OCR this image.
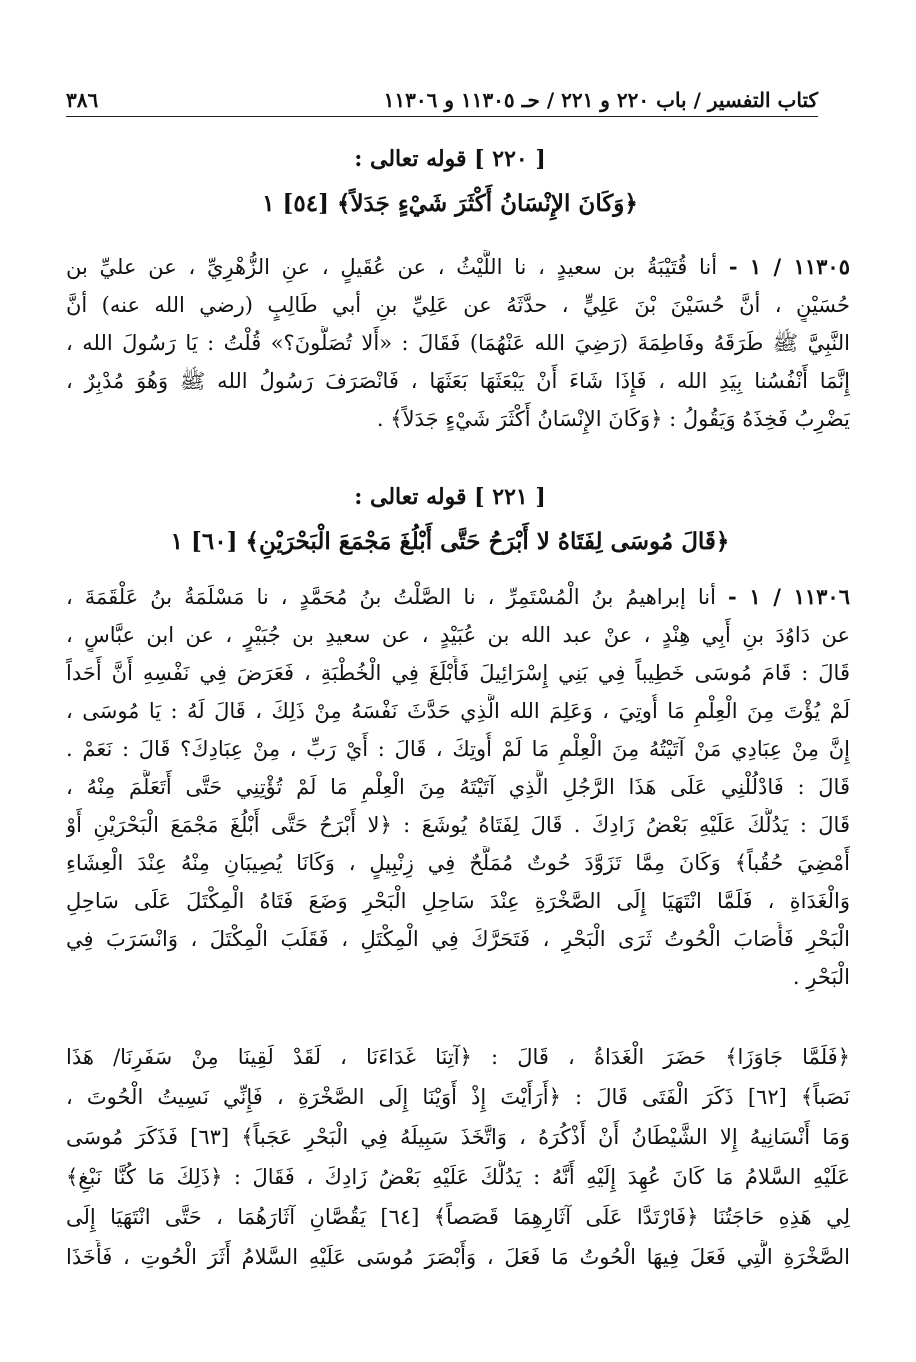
كتاب التفسير / باب ٢٢٠ و ٢٢١ / حـ ١١٣٠٥ و ١١٣٠٦
٣٨٦
[ ٢٢٠ ] قوله تعالى :
﴿وَكَانَ الإِنْسَانُ أَكْثَرَ شَيْءٍ جَدَلاً﴾ [٥٤] ١
١١٣٠٥ / ١ - أنا قُتَيْبَةُ بن سعيدٍ ، نا اللَّيْثُ ، عن عُقَيلٍ ، عنِ الزُّهْرِيِّ ، عن عليِّ بن
حُسَيْنٍ ، أنَّ حُسَيْنَ بْنَ عَلِيٍّ ، حدَّثَهُ عن عَلِيِّ بنِ أبي طَالِبٍ (رضي الله عنه) أنَّ
النَّبِيَّ ﷺ طَرَقَهُ وفَاطِمَةَ (رَضِيَ الله عَنْهُمَا) فَقَالَ : «أَلا تُصَلُّونَ؟» قُلْتُ : يَا رَسُولَ الله ،
إِنَّمَا أَنْفُسُنا بِيَدِ الله ، فَإِذَا شَاءَ أَنْ يَبْعَثَهَا بَعَثَهَا ، فَانْصَرَفَ رَسُولُ الله ﷺ وَهُوَ مُدْبِرٌ ،
يَضْرِبُ فَخِذَهُ وَيَقُولُ : ﴿وَكَانَ الإِنْسَانُ أَكْثَرَ شَيْءٍ جَدَلاً﴾ .
[ ٢٢١ ] قوله تعالى :
﴿قَالَ مُوسَى لِفَتَاهُ لا أَبْرَحُ حَتَّى أَبْلُغَ مَجْمَعَ الْبَحْرَيْنِ﴾ [٦٠] ١
١١٣٠٦ / ١ - أنا إبراهيمُ بنُ الْمُسْتَمِرِّ ، نا الصَّلْتُ بنُ مُحَمَّدٍ ، نا مَسْلَمَةُ بنُ عَلْقَمَةَ ،
عن دَاوُدَ بنِ أَبِي هِنْدٍ ، عنْ عبد الله بن عُبَيْدٍ ، عن سعيدِ بن جُبَيْرٍ ، عن ابن عبَّاسٍ ،
قَالَ : قَامَ مُوسَى خَطِيباً فِي بَنِي إِسْرَائِيلَ فَأَبْلَغَ فِي الْخُطْبَةِ ، فَعَرَضَ فِي نَفْسِهِ أَنَّ أَحَداً
لَمْ يُؤْتَ مِنَ الْعِلْمِ مَا أُوتِيَ ، وَعَلِمَ الله الَّذِي حَدَّثَ نَفْسَهُ مِنْ ذَلِكَ ، قَالَ لَهُ : يَا مُوسَى ،
إِنَّ مِنْ عِبَادِي مَنْ آتَيْتُهُ مِنَ الْعِلْمِ مَا لَمْ أُوتِكَ ، قَالَ : أَيْ رَبِّ ، مِنْ عِبَادِكَ؟ قَالَ : نَعَمْ .
قَالَ : فَادْلُلْنِي عَلَى هَذَا الرَّجُلِ الَّذِي آتَيْتَهُ مِنَ الْعِلْمِ مَا لَمْ تُؤْتِنِي حَتَّى أَتَعَلَّمَ مِنْهُ ،
قَالَ : يَدُلُّكَ عَلَيْهِ بَعْضُ زَادِكَ . قَالَ لِفَتَاهُ يُوشَعَ : ﴿لا أَبْرَحُ حَتَّى أَبْلُغَ مَجْمَعَ الْبَحْرَيْنِ أَوْ
أَمْضِيَ حُقُباً﴾ وَكَانَ مِمَّا تَزَوَّدَ حُوتٌ مُمَلَّحٌ فِي زِنْبِيلٍ ، وَكَانَا يُصِيبَانِ مِنْهُ عِنْدَ الْعِشَاءِ
وَالْغَدَاةِ ، فَلَمَّا انْتَهَيَا إِلَى الصَّخْرَةِ عِنْدَ سَاحِلِ الْبَحْرِ وَضَعَ فَتَاهُ الْمِكْتَلَ عَلَى سَاحِلِ
الْبَحْرِ فَأَصَابَ الْحُوتُ ثَرَى الْبَحْرِ ، فَتَحَرَّكَ فِي الْمِكْتَلِ ، فَقَلَبَ الْمِكْتَلَ ، وَانْسَرَبَ فِي
الْبَحْرِ .
﴿فَلَمَّا جَاوَزَا﴾ حَضَرَ الْغَدَاةُ ، قَالَ : ﴿آتِنَا غَدَاءَنَا ، لَقَدْ لَقِينَا مِنْ سَفَرِنَا/ هَذَا
نَصَباً﴾ [٦٢] ذَكَرَ الْفَتَى قَالَ : ﴿أَرَأَيْتَ إِذْ أَوَيْنَا إِلَى الصَّخْرَةِ ، فَإِنِّي نَسِيتُ الْحُوتَ ،
وَمَا أَنْسَانِيهُ إِلا الشَّيْطَانُ أَنْ أَذْكُرَهُ ، وَاتَّخَذَ سَبِيلَهُ فِي الْبَحْرِ عَجَباً﴾ [٦٣] فَذَكَرَ مُوسَى
عَلَيْهِ السَّلامُ مَا كَانَ عُهِدَ إِلَيْهِ أَنَّهُ : يَدُلُّكَ عَلَيْهِ بَعْضُ زَادِكَ ، فَقَالَ : ﴿ذَلِكَ مَا كُنَّا نَبْغِ﴾
لِي هَذِهِ حَاجَتُنَا ﴿فَارْتَدَّا عَلَى آثَارِهِمَا قَصَصاً﴾ [٦٤] يَقُصَّانِ آثَارَهُمَا ، حَتَّى انْتَهَيَا إِلَى
الصَّخْرَةِ الَّتِي فَعَلَ فِيهَا الْحُوتُ مَا فَعَلَ ، وَأَبْصَرَ مُوسَى عَلَيْهِ السَّلامُ أَثَرَ الْحُوتِ ، فَأَخَذَا
